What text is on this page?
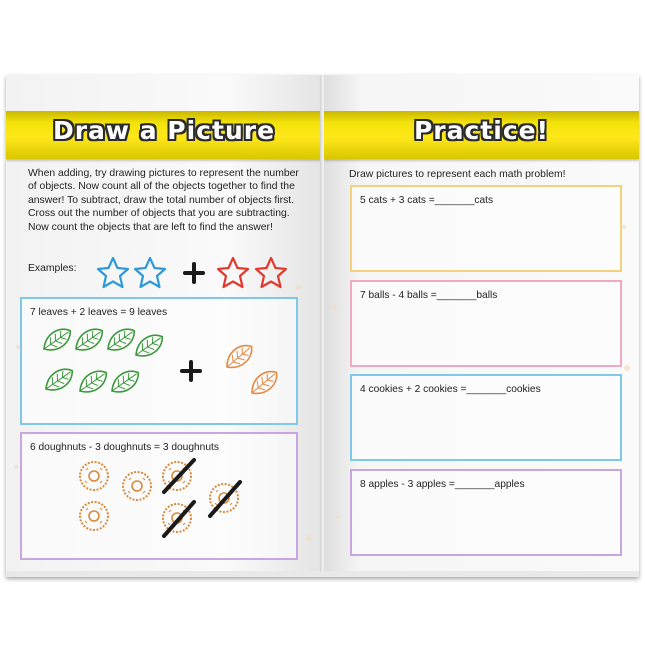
Draw a Picture
When adding, try drawing pictures to represent the number of objects. Now count all of the objects together to find the answer! To subtract, draw the total number of objects first. Cross out the number of objects that you are subtracting. Now count the objects that are left to find the answer!
Examples:
7 leaves + 2 leaves = 9 leaves
6 doughnuts - 3 doughnuts = 3 doughnuts
Practice!
Draw pictures to represent each math problem!
5 cats + 3 cats =_______cats
7 balls - 4 balls =_______balls
4 cookies + 2 cookies =_______cookies
8 apples - 3 apples =_______apples
